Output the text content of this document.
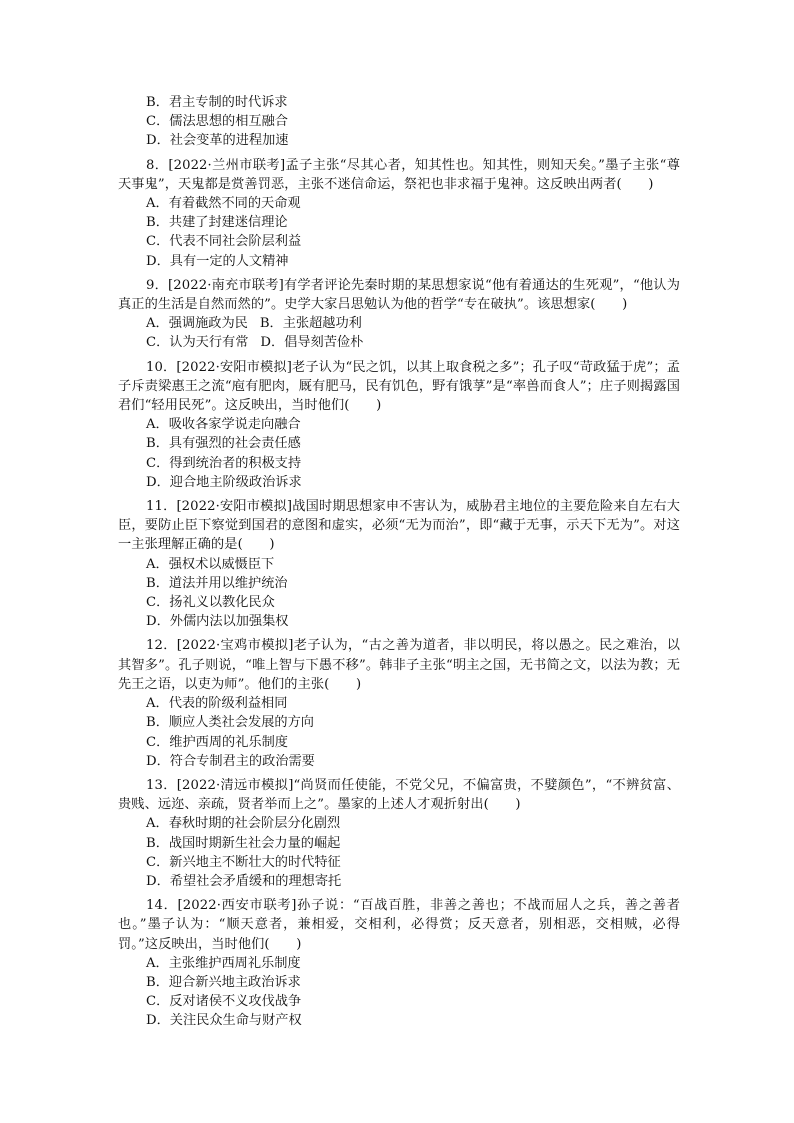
B．君主专制的时代诉求
C．儒法思想的相互融合
D．社会变革的进程加速
8．[2022·兰州市联考]孟子主张“尽其心者，知其性也。知其性，则知天矣。”墨子主张“尊天事鬼”，天鬼都是赏善罚恶，主张不迷信命运，祭祀也非求福于鬼神。这反映出两者(　　)
A．有着截然不同的天命观
B．共建了封建迷信理论
C．代表不同社会阶层利益
D．具有一定的人文精神
9．[2022·南充市联考]有学者评论先秦时期的某思想家说“他有着通达的生死观”，“他认为真正的生活是自然而然的”。史学大家吕思勉认为他的哲学“专在破执”。该思想家(　　)
A．强调施政为民 B．主张超越功利
C．认为天行有常 D．倡导刻苦俭朴
10．[2022·安阳市模拟]老子认为“民之饥，以其上取食税之多”；孔子叹“苛政猛于虎”；孟子斥责梁惠王之流“庖有肥肉，厩有肥马，民有饥色，野有饿莩”是“率兽而食人”；庄子则揭露国君们“轻用民死”。这反映出，当时他们(　　)
A．吸收各家学说走向融合
B．具有强烈的社会责任感
C．得到统治者的积极支持
D．迎合地主阶级政治诉求
11．[2022·安阳市模拟]战国时期思想家申不害认为，威胁君主地位的主要危险来自左右大臣，要防止臣下察觉到国君的意图和虚实，必须“无为而治”，即“藏于无事，示天下无为”。对这一主张理解正确的是(　　)
A．强权术以威慑臣下
B．道法并用以维护统治
C．扬礼义以教化民众
D．外儒内法以加强集权
12．[2022·宝鸡市模拟]老子认为，“古之善为道者，非以明民，将以愚之。民之难治，以其智多”。孔子则说，“唯上智与下愚不移”。韩非子主张“明主之国，无书简之文，以法为教；无先王之语，以吏为师”。他们的主张(　　)
A．代表的阶级利益相同
B．顺应人类社会发展的方向
C．维护西周的礼乐制度
D．符合专制君主的政治需要
13．[2022·清远市模拟]“尚贤而任使能，不党父兄，不偏富贵，不嬖颜色”，“不辨贫富、贵贱、远迩、亲疏，贤者举而上之”。墨家的上述人才观折射出(　　)
A．春秋时期的社会阶层分化剧烈
B．战国时期新生社会力量的崛起
C．新兴地主不断壮大的时代特征
D．希望社会矛盾缓和的理想寄托
14．[2022·西安市联考]孙子说：“百战百胜，非善之善也；不战而屈人之兵，善之善者也。”墨子认为：“顺天意者，兼相爱，交相利，必得赏；反天意者，别相恶，交相贼，必得罚。”这反映出，当时他们(　　)
A．主张维护西周礼乐制度
B．迎合新兴地主政治诉求
C．反对诸侯不义攻伐战争
D．关注民众生命与财产权
